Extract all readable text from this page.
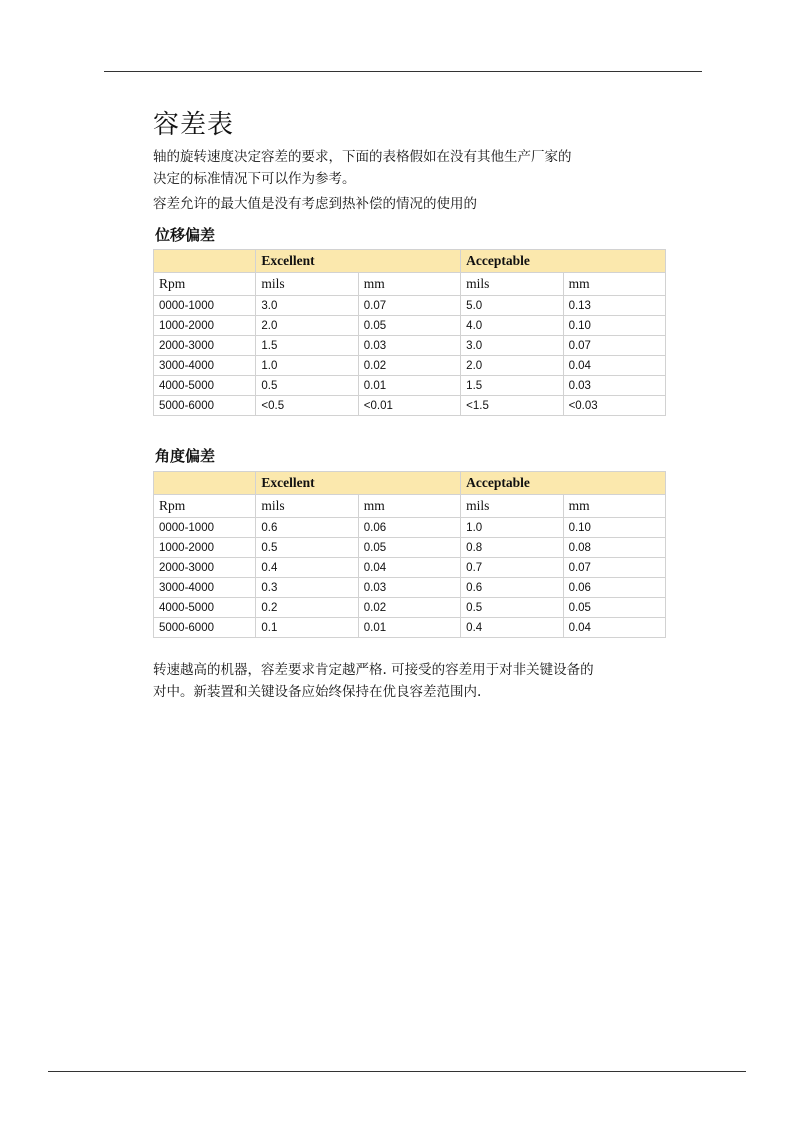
容差表
轴的旋转速度决定容差的要求，下面的表格假如在没有其他生产厂家的
决定的标准情况下可以作为参考。
容差允许的最大值是没有考虑到热补偿的情况的使用的
位移偏差
	Excellent		Acceptable	
Rpm	mils	mm	mils	mm
0000-1000	3.0	0.07	5.0	0.13
1000-2000	2.0	0.05	4.0	0.10
2000-3000	1.5	0.03	3.0	0.07
3000-4000	1.0	0.02	2.0	0.04
4000-5000	0.5	0.01	1.5	0.03
5000-6000	<0.5	<0.01	<1.5	<0.03
角度偏差
	Excellent		Acceptable	
Rpm	mils	mm	mils	mm
0000-1000	0.6	0.06	1.0	0.10
1000-2000	0.5	0.05	0.8	0.08
2000-3000	0.4	0.04	0.7	0.07
3000-4000	0.3	0.03	0.6	0.06
4000-5000	0.2	0.02	0.5	0.05
5000-6000	0.1	0.01	0.4	0.04
转速越高的机器，容差要求肯定越严格. 可接受的容差用于对非关键设备的
对中。新装置和关键设备应始终保持在优良容差范围内.
